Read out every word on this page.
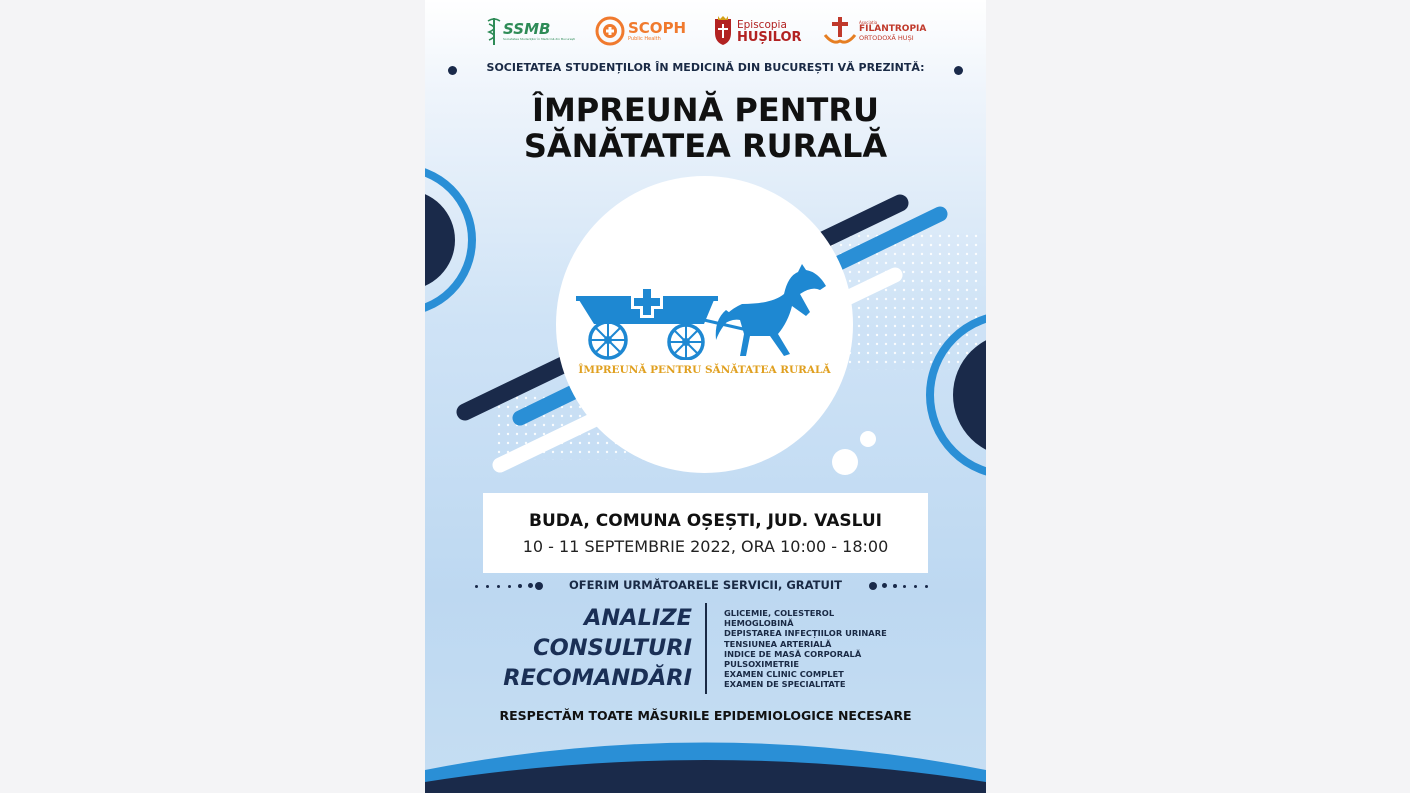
SSMB
Societatea Studenților în Medicină din București
SCOPH
Public Health
Episcopia
HUȘILOR
Asociația
FILANTROPIA
ORTODOXĂ HUȘI
SOCIETATEA STUDENȚILOR ÎN MEDICINĂ DIN BUCUREȘTI VĂ PREZINTĂ:
ÎMPREUNĂ PENTRU
SĂNĂTATEA RURALĂ
ÎMPREUNĂ PENTRU SĂNĂTATEA RURALĂ
BUDA, COMUNA OȘEȘTI, JUD. VASLUI
10 - 11 SEPTEMBRIE 2022, ORA 10:00 - 18:00
OFERIM URMĂTOARELE SERVICII, GRATUIT
ANALIZE
CONSULTURI
RECOMANDĂRI
GLICEMIE, COLESTEROL
HEMOGLOBINĂ
DEPISTAREA INFECȚIILOR URINARE
TENSIUNEA ARTERIALĂ
INDICE DE MASĂ CORPORALĂ
PULSOXIMETRIE
EXAMEN CLINIC COMPLET
EXAMEN DE SPECIALITATE
RESPECTĂM TOATE MĂSURILE EPIDEMIOLOGICE NECESARE
